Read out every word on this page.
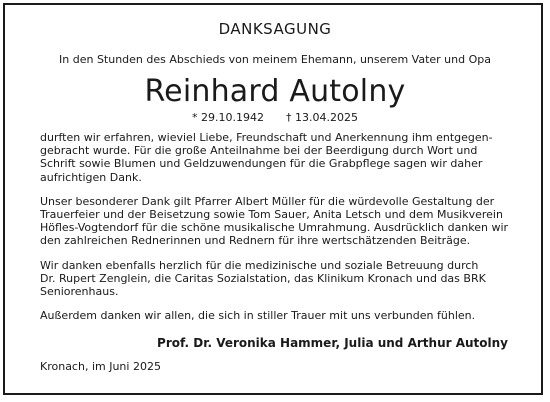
DANKSAGUNG
In den Stunden des Abschieds von meinem Ehemann, unserem Vater und Opa
Reinhard Autolny
* 29.10.1942 † 13.04.2025

durften wir erfahren, wieviel Liebe, Freundschaft und Anerkennung ihm entgegen-
gebracht wurde. Für die große Anteilnahme bei der Beerdigung durch Wort und
Schrift sowie Blumen und Geldzuwendungen für die Grabpflege sagen wir daher
aufrichtigen Dank.

Unser besonderer Dank gilt Pfarrer Albert Müller für die würdevolle Gestaltung der
Trauerfeier und der Beisetzung sowie Tom Sauer, Anita Letsch und dem Musikverein
Höfles-Vogtendorf für die schöne musikalische Umrahmung. Ausdrücklich danken wir
den zahlreichen Rednerinnen und Rednern für ihre wertschätzenden Beiträge.

Wir danken ebenfalls herzlich für die medizinische und soziale Betreuung durch
Dr. Rupert Zenglein, die Caritas Sozialstation, das Klinikum Kronach und das BRK
Seniorenhaus.

Außerdem danken wir allen, die sich in stiller Trauer mit uns verbunden fühlen.

Prof. Dr. Veronika Hammer, Julia und Arthur Autolny
Kronach, im Juni 2025
